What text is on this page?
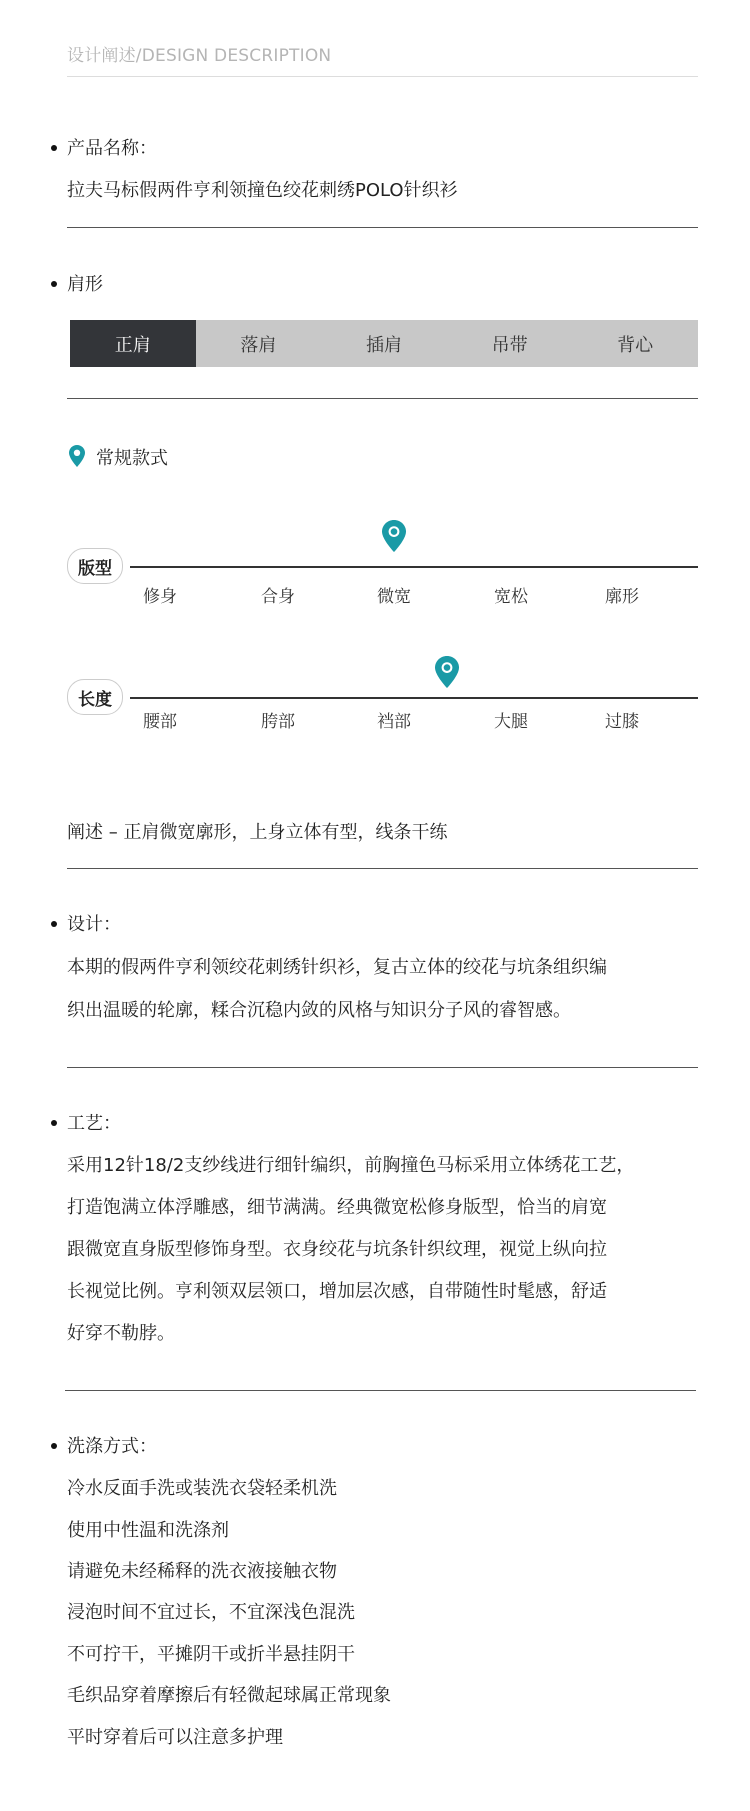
设计阐述/DESIGN DESCRIPTION
产品名称：
拉夫马标假两件亨利领撞色绞花刺绣POLO针织衫
肩形
正肩	落肩	插肩	吊带	背心
常规款式
版型
修身	合身	微宽	宽松	廓形
长度
腰部	胯部	裆部	大腿	过膝
阐述 – 正肩微宽廓形，上身立体有型，线条干练
设计：
本期的假两件亨利领绞花刺绣针织衫，复古立体的绞花与坑条组织编
织出温暖的轮廓，糅合沉稳内敛的风格与知识分子风的睿智感。
工艺：
采用12针18/2支纱线进行细针编织，前胸撞色马标采用立体绣花工艺，
打造饱满立体浮雕感，细节满满。经典微宽松修身版型，恰当的肩宽
跟微宽直身版型修饰身型。衣身绞花与坑条针织纹理，视觉上纵向拉
长视觉比例。亨利领双层领口，增加层次感，自带随性时髦感，舒适
好穿不勒脖。
洗涤方式：
冷水反面手洗或装洗衣袋轻柔机洗
使用中性温和洗涤剂
请避免未经稀释的洗衣液接触衣物
浸泡时间不宜过长，不宜深浅色混洗
不可拧干，平摊阴干或折半悬挂阴干
毛织品穿着摩擦后有轻微起球属正常现象
平时穿着后可以注意多护理
